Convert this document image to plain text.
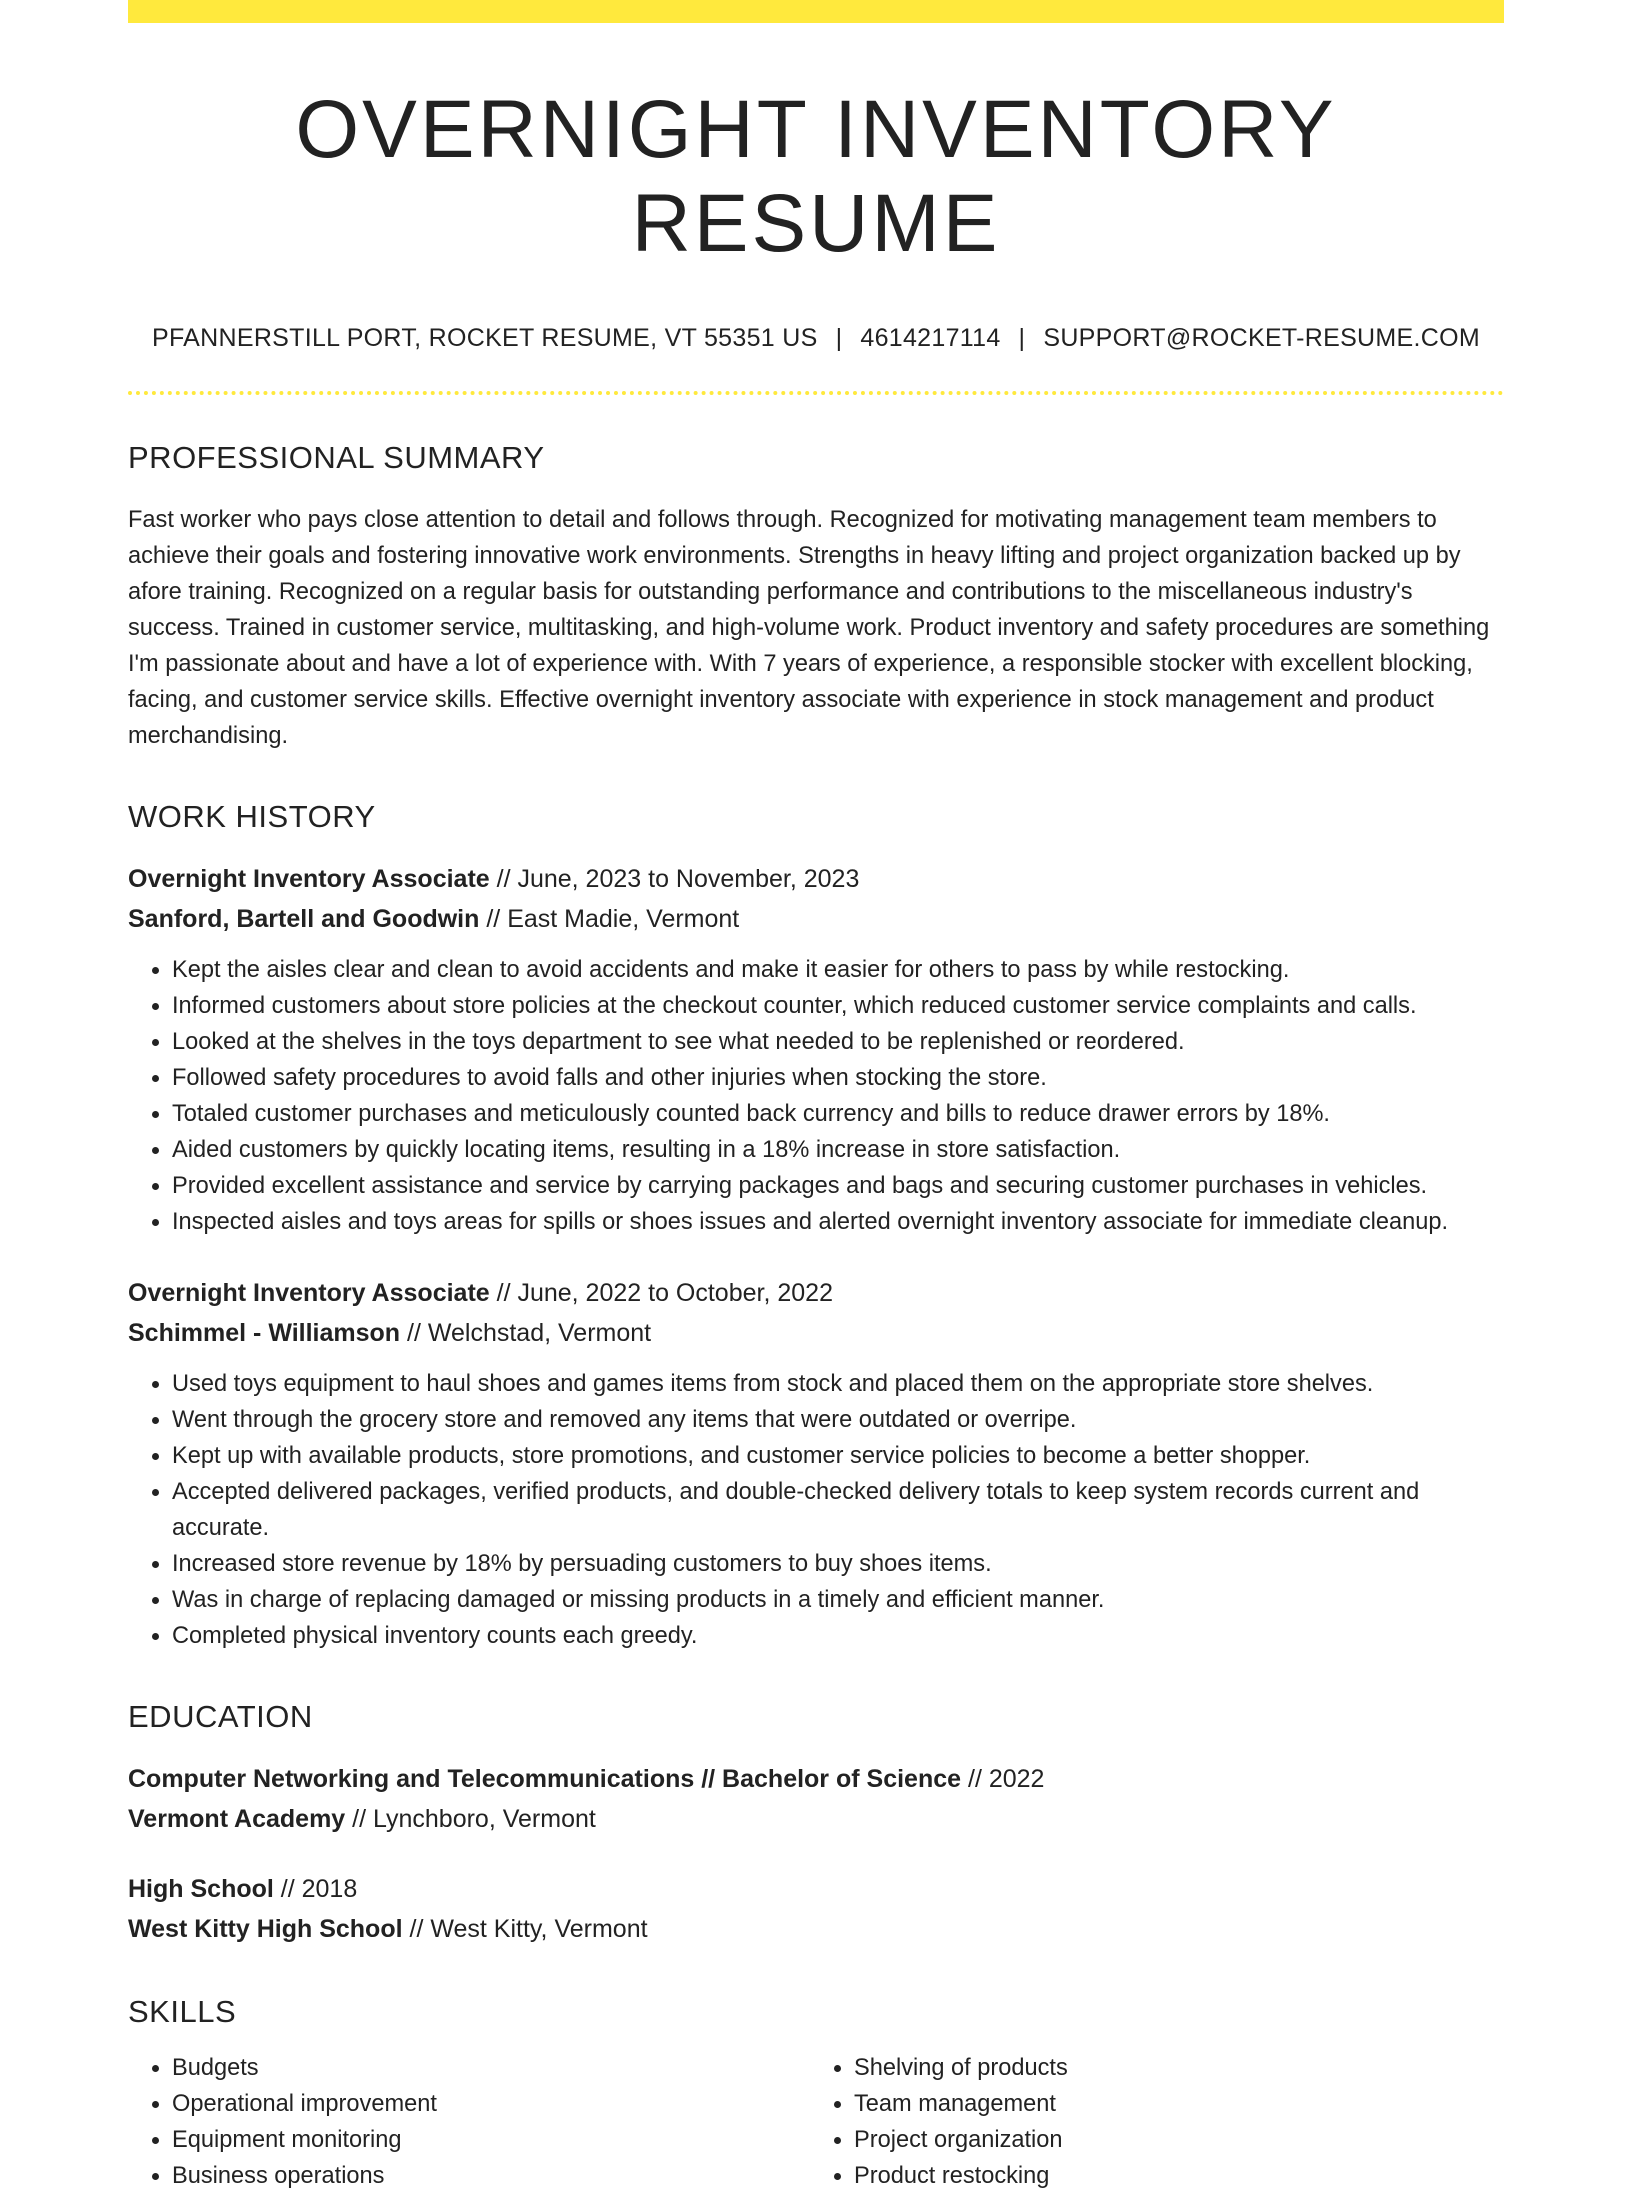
OVERNIGHT INVENTORY RESUME
PFANNERSTILL PORT, ROCKET RESUME, VT 55351 US | 4614217114 | SUPPORT@ROCKET-RESUME.COM
PROFESSIONAL SUMMARY

Fast worker who pays close attention to detail and follows through. Recognized for motivating management team members to achieve their goals and fostering innovative work environments. Strengths in heavy lifting and project organization backed up by afore training. Recognized on a regular basis for outstanding performance and contributions to the miscellaneous industry's success. Trained in customer service, multitasking, and high-volume work. Product inventory and safety procedures are something I'm passionate about and have a lot of experience with. With 7 years of experience, a responsible stocker with excellent blocking, facing, and customer service skills. Effective overnight inventory associate with experience in stock management and product merchandising.

WORK HISTORY
Overnight Inventory Associate // June, 2023 to November, 2023
Sanford, Bartell and Goodwin // East Madie, Vermont
• Kept the aisles clear and clean to avoid accidents and make it easier for others to pass by while restocking.
• Informed customers about store policies at the checkout counter, which reduced customer service complaints and calls.
• Looked at the shelves in the toys department to see what needed to be replenished or reordered.
• Followed safety procedures to avoid falls and other injuries when stocking the store.
• Totaled customer purchases and meticulously counted back currency and bills to reduce drawer errors by 18%.
• Aided customers by quickly locating items, resulting in a 18% increase in store satisfaction.
• Provided excellent assistance and service by carrying packages and bags and securing customer purchases in vehicles.
• Inspected aisles and toys areas for spills or shoes issues and alerted overnight inventory associate for immediate cleanup.
Overnight Inventory Associate // June, 2022 to October, 2022
Schimmel - Williamson // Welchstad, Vermont
• Used toys equipment to haul shoes and games items from stock and placed them on the appropriate store shelves.
• Went through the grocery store and removed any items that were outdated or overripe.
• Kept up with available products, store promotions, and customer service policies to become a better shopper.
• Accepted delivered packages, verified products, and double-checked delivery totals to keep system records current and accurate.
• Increased store revenue by 18% by persuading customers to buy shoes items.
• Was in charge of replacing damaged or missing products in a timely and efficient manner.
• Completed physical inventory counts each greedy.
EDUCATION
Computer Networking and Telecommunications // Bachelor of Science // 2022
Vermont Academy // Lynchboro, Vermont
High School // 2018
West Kitty High School // West Kitty, Vermont
SKILLS
• Budgets
• Operational improvement
• Equipment monitoring
• Business operations
• Shelving of products
• Team management
• Project organization
• Product restocking
